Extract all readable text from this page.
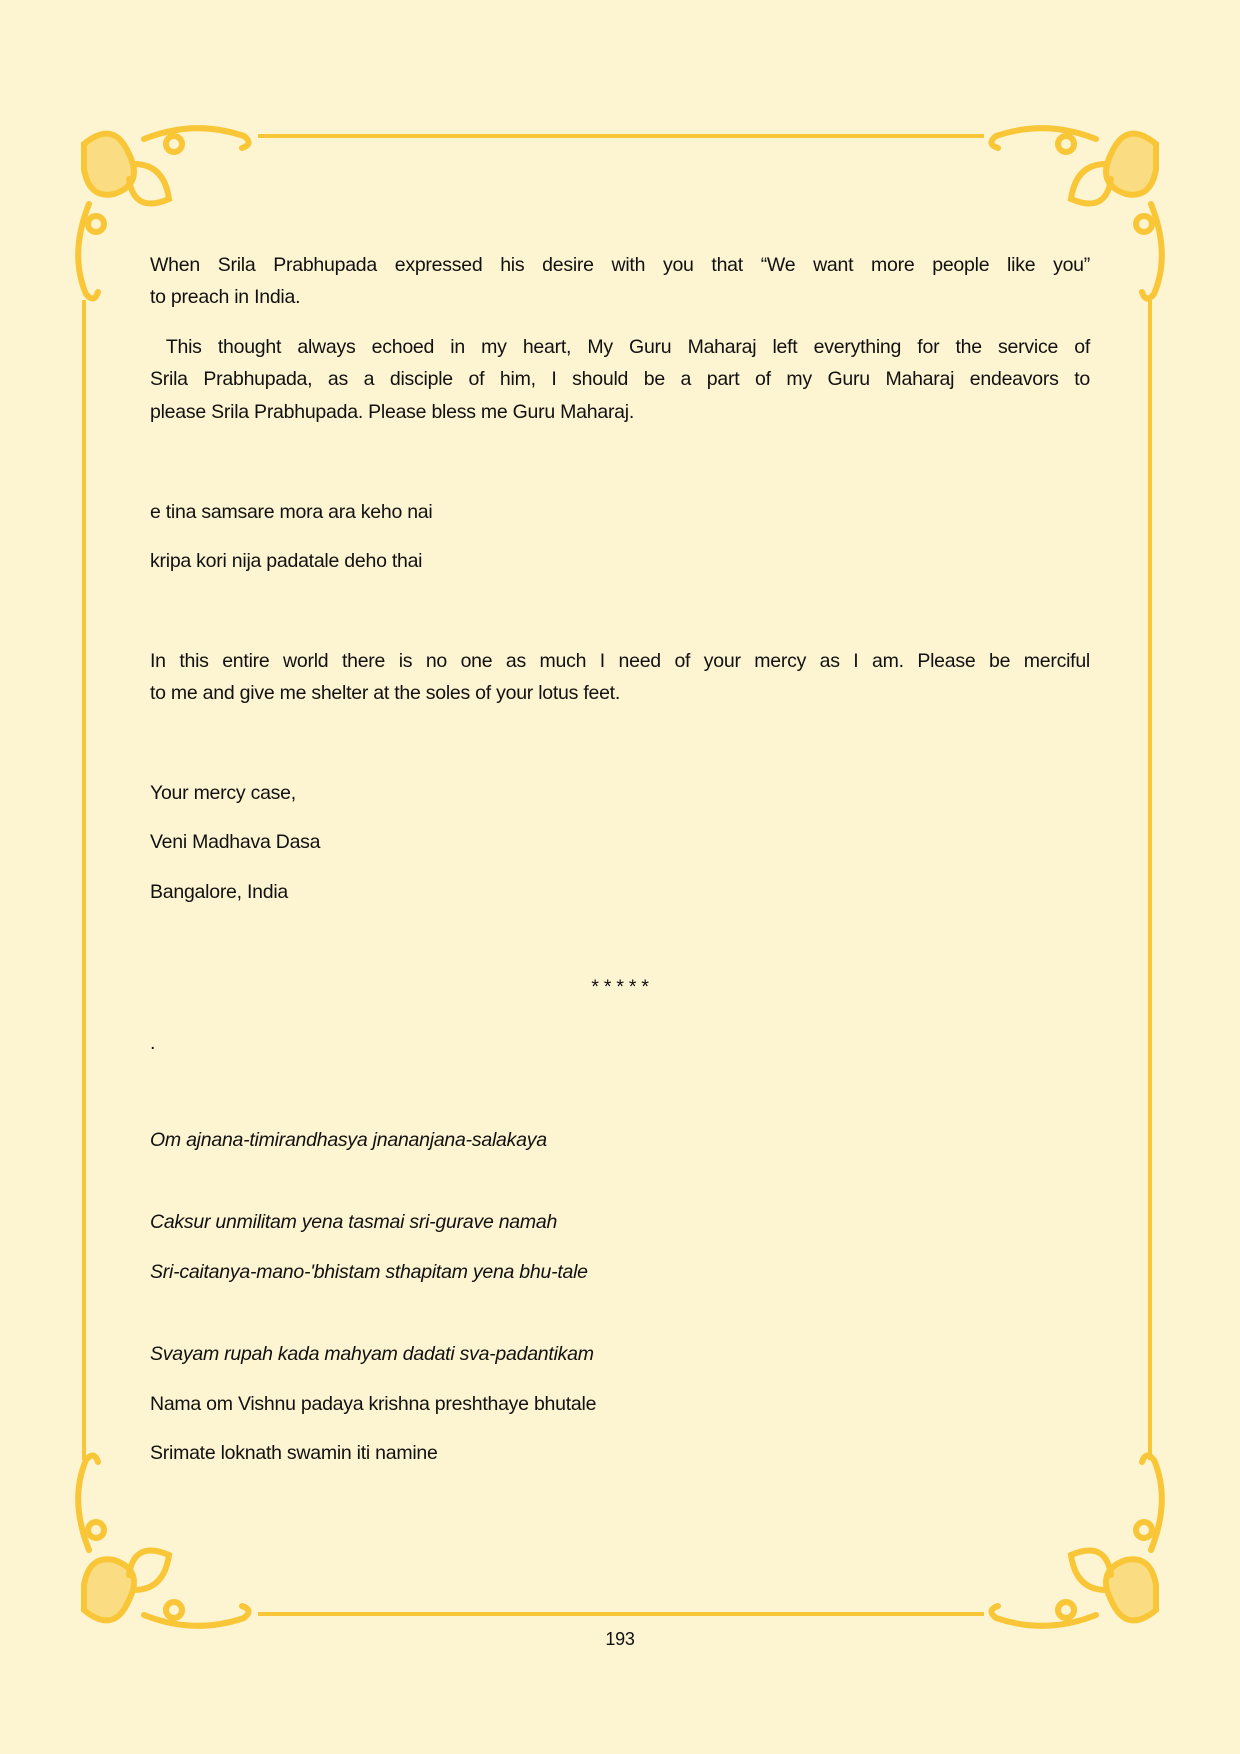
When Srila Prabhupada expressed his desire with you that “We want more people like you”
to preach in India.
This thought always echoed in my heart, My Guru Maharaj left everything for the service of
Srila Prabhupada, as a disciple of him, I should be a part of my Guru Maharaj endeavors to
please Srila Prabhupada. Please bless me Guru Maharaj.
e tina samsare mora ara keho nai
kripa kori nija padatale deho thai
In this entire world there is no one as much I need of your mercy as I am. Please be merciful
to me and give me shelter at the soles of your lotus feet.
Your mercy case,
Veni Madhava Dasa
Bangalore, India
* * * * *
.
Om ajnana-timirandhasya jnananjana-salakaya
Caksur unmilitam yena tasmai sri-gurave namah
Sri-caitanya-mano-'bhistam sthapitam yena bhu-tale
Svayam rupah kada mahyam dadati sva-padantikam
Nama om Vishnu padaya krishna preshthaye bhutale
Srimate loknath swamin iti namine
193
